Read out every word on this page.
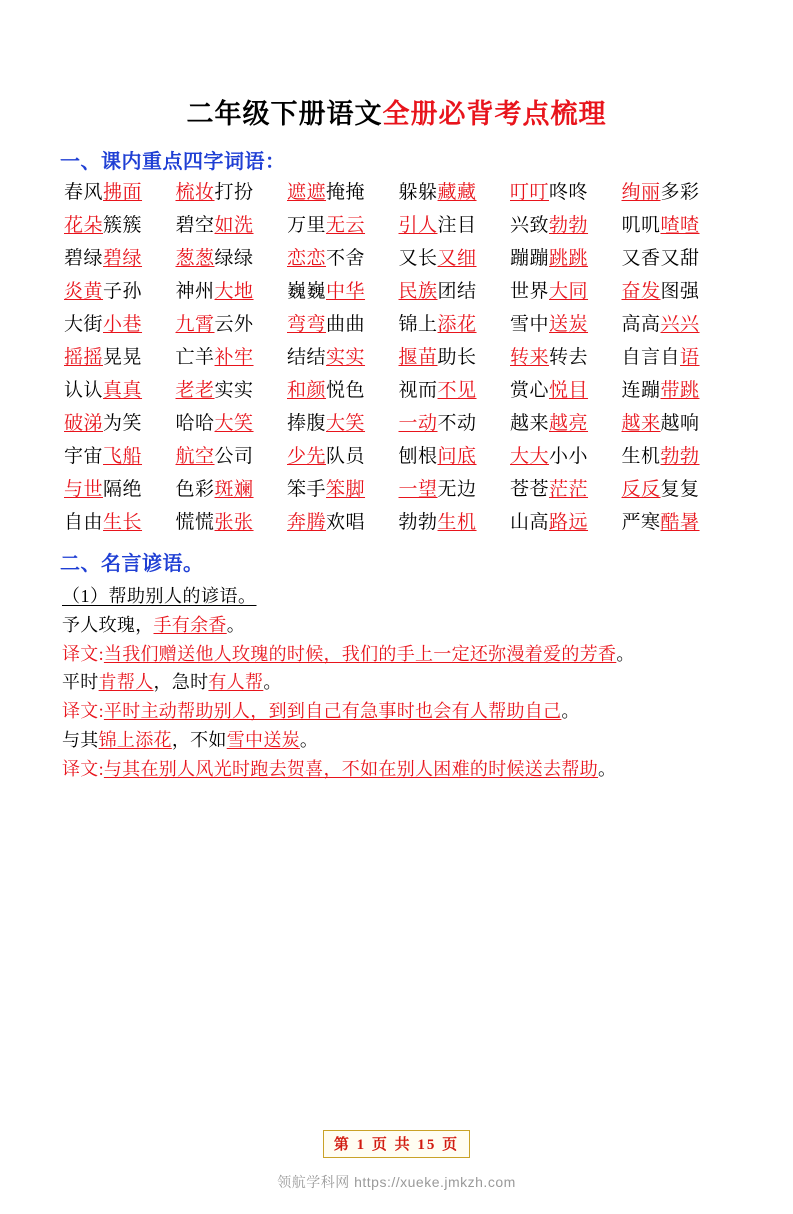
二年级下册语文全册必背考点梳理
一、课内重点四字词语：
春风拂面	梳妆打扮	遮遮掩掩	躲躲藏藏	叮叮咚咚	绚丽多彩
花朵簇簇	碧空如洗	万里无云	引人注目	兴致勃勃	叽叽喳喳
碧绿碧绿	葱葱绿绿	恋恋不舍	又长又细	蹦蹦跳跳	又香又甜
炎黄子孙	神州大地	巍巍中华	民族团结	世界大同	奋发图强
大街小巷	九霄云外	弯弯曲曲	锦上添花	雪中送炭	高高兴兴
摇摇晃晃	亡羊补牢	结结实实	揠苗助长	转来转去	自言自语
认认真真	老老实实	和颜悦色	视而不见	赏心悦目	连蹦带跳
破涕为笑	哈哈大笑	捧腹大笑	一动不动	越来越亮	越来越响
宇宙飞船	航空公司	少先队员	刨根问底	大大小小	生机勃勃
与世隔绝	色彩斑斓	笨手笨脚	一望无边	苍苍茫茫	反反复复
自由生长	慌慌张张	奔腾欢唱	勃勃生机	山高路远	严寒酷暑
二、名言谚语。
（1）帮助别人的谚语。
予人玫瑰，手有余香。
译文:当我们赠送他人玫瑰的时候，我们的手上一定还弥漫着爱的芳香。
平时肯帮人，急时有人帮。
译文:平时主动帮助别人，到到自己有急事时也会有人帮助自己。
与其锦上添花，不如雪中送炭。
译文:与其在别人风光时跑去贺喜，不如在别人困难的时候送去帮助。
第 1 页 共 15 页
领航学科网 https://xueke.jmkzh.com
